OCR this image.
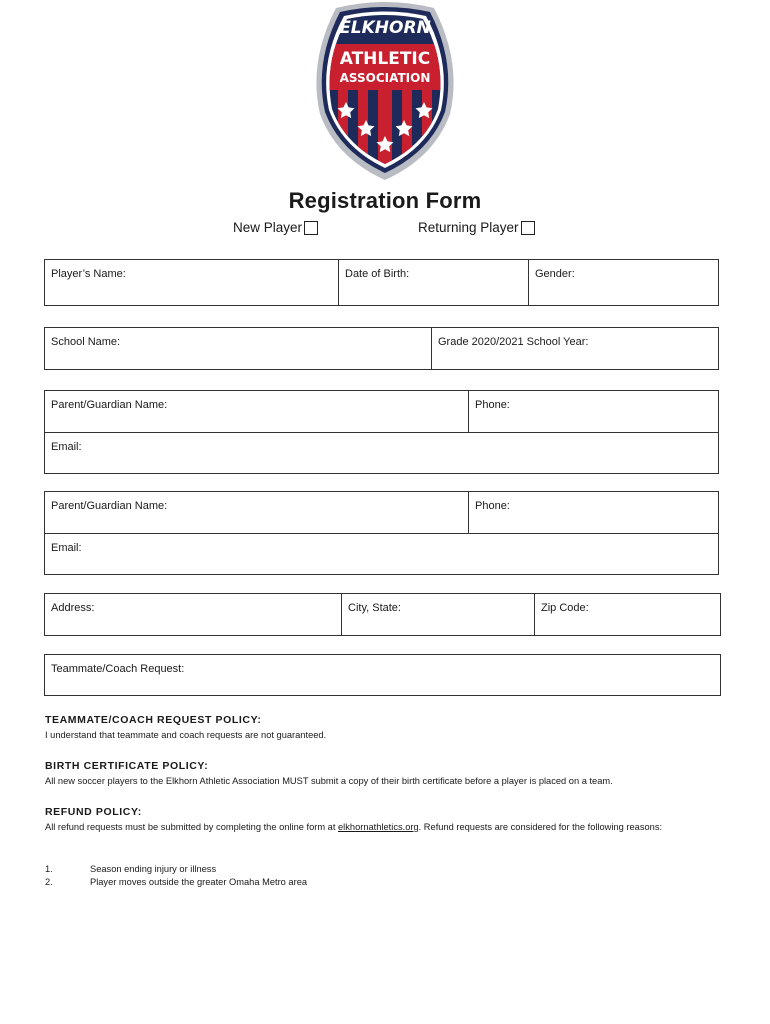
ELKHORN
ATHLETIC
ASSOCIATION
Registration Form
New Player	Returning Player
Player’s Name:	Date of Birth:	Gender:
School Name:	Grade 2020/2021 School Year:
Parent/Guardian Name:	Phone:
Email:
Parent/Guardian Name:	Phone:
Email:
Address:	City, State:	Zip Code:
Teammate/Coach Request:

TEAMMATE/COACH REQUEST POLICY:

I understand that teammate and coach requests are not guaranteed.

BIRTH CERTIFICATE POLICY:

All new soccer players to the Elkhorn Athletic Association MUST submit a copy of their birth certificate before a player is placed on a team.

REFUND POLICY:

All refund requests must be submitted by completing the online form at elkhornathletics.org. Refund requests are considered for the following reasons:

1.	Season ending injury or illness
2.	Player moves outside the greater Omaha Metro area
